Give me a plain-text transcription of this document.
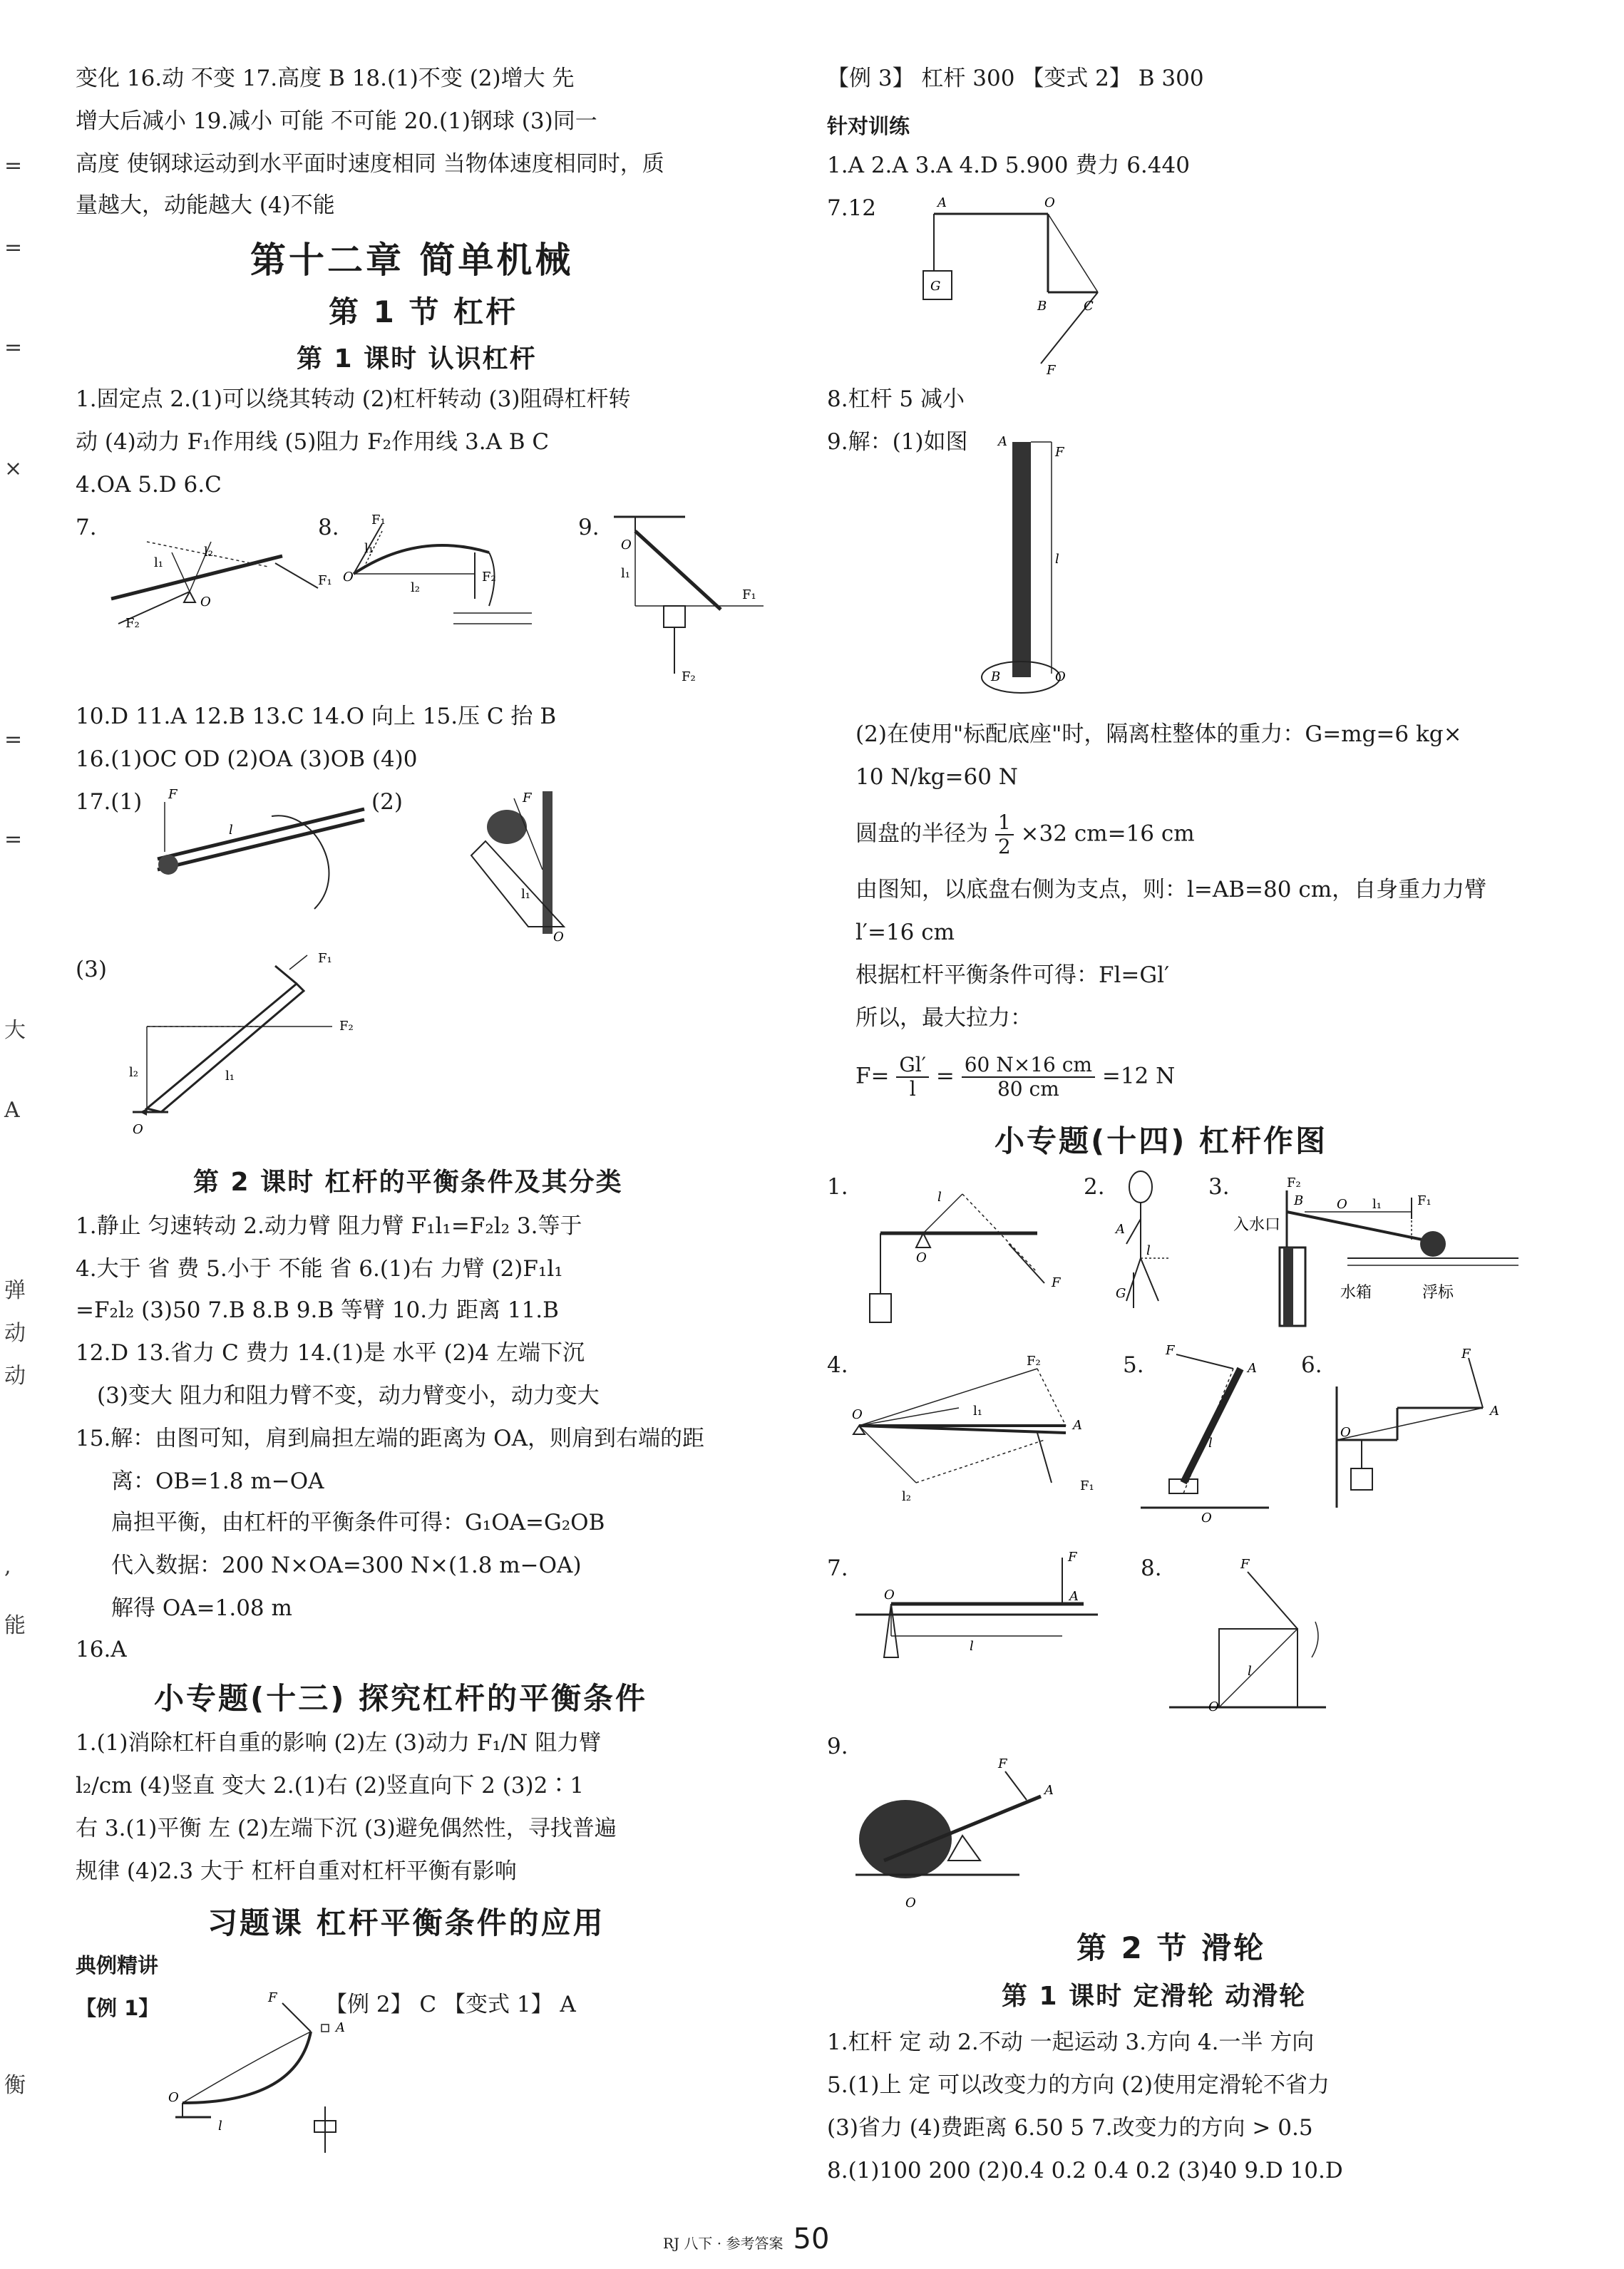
=
=
=
×
=
=
大
A
弹
动
动
,
能
衡
变化 16.动 不变 17.高度 B 18.(1)不变 (2)增大 先
增大后减小 19.减小 可能 不可能 20.(1)钢球 (3)同一
高度 使钢球运动到水平面时速度相同 当物体速度相同时，质
量越大，动能越大 (4)不能
第十二章 简单机械
第 1 节 杠杆
第 1 课时 认识杠杆
1.固定点 2.(1)可以绕其转动 (2)杠杆转动 (3)阻碍杠杆转
动 (4)动力 F₁作用线 (5)阻力 F₂作用线 3.A B C
4.OA 5.D 6.C
7.
F₁
F₂
O
l₁
l₂
8.	F₁
F₂
O
l₁
l₂
9.
O
l₁
F₁
F₂
10.D 11.A 12.B 13.C 14.O 向上 15.压 C 抬 B
16.(1)OC OD (2)OA (3)OB (4)0
17.(1) F
l
(2)	F
l₁
O
(3)	F₁
F₂
l₂	l₁
O
第 2 课时 杠杆的平衡条件及其分类
1.静止 匀速转动 2.动力臂 阻力臂 F₁l₁=F₂l₂ 3.等于
4.大于 省 费 5.小于 不能 省 6.(1)右 力臂 (2)F₁l₁
=F₂l₂ (3)50 7.B 8.B 9.B 等臂 10.力 距离 11.B
12.D 13.省力 C 费力 14.(1)是 水平 (2)4 左端下沉
(3)变大 阻力和阻力臂不变，动力臂变小，动力变大
15.解：由图可知，肩到扁担左端的距离为 OA，则肩到右端的距
离：OB=1.8 m−OA
扁担平衡，由杠杆的平衡条件可得：G₁OA=G₂OB
代入数据：200 N×OA=300 N×(1.8 m−OA)
解得 OA=1.08 m
16.A
小专题(十三) 探究杠杆的平衡条件
1.(1)消除杠杆自重的影响 (2)左 (3)动力 F₁/N 阻力臂
l₂/cm (4)竖直 变大 2.(1)右 (2)竖直向下 2 (3)2∶1
右 3.(1)平衡 左 (2)左端下沉 (3)避免偶然性，寻找普遍
规律 (4)2.3 大于 杠杆自重对杠杆平衡有影响
习题课 杠杆平衡条件的应用
典例精讲
【例 1】	【例 2】 C 【变式 1】 A
F
A
O
l
【例 3】 杠杆 300 【变式 2】 B 300
针对训练
1.A 2.A 3.A 4.D 5.900 费力 6.440
7.12
G
A	O
B	C
F
8.杠杆 5 减小
9.解：(1)如图 A
F
l
B	O
(2)在使用"标配底座"时，隔离柱整体的重力：G=mg=6 kg×
10 N/kg=60 N
圆盘的半径为 $\frac{1}{2} \times 32$ cm=16 cm
由图知，以底盘右侧为支点，则：l=AB=80 cm，自身重力力臂
l′=16 cm
根据杠杆平衡条件可得：Fl=Gl′
所以，最大拉力：
$F= \frac{Gl'}{l} = \frac{60 N\times 16 cm}{80 cm} =12$ N
小专题(十四) 杠杆作图
1.	l
O
F
2.
A
l
G
3.
入水口
F₂
B	O l₁	F₁
水箱	浮标
4.	F₂
l₁
A
O
l₂
F₁
5.
F
A
l
O
6.	F
A
O
7.	F
O	A
l
8.	F
l
O
9.
F
A
O
第 2 节 滑轮
第 1 课时 定滑轮 动滑轮
1.杠杆 定 动 2.不动 一起运动 3.方向 4.一半 方向
5.(1)上 定 可以改变力的方向 (2)使用定滑轮不省力
(3)省力 (4)费距离 6.50 5 7.改变力的方向 > 0.5
8.(1)100 200 (2)0.4 0.2 0.4 0.2 (3)40 9.D 10.D
RJ 八下 · 参考答案 50
